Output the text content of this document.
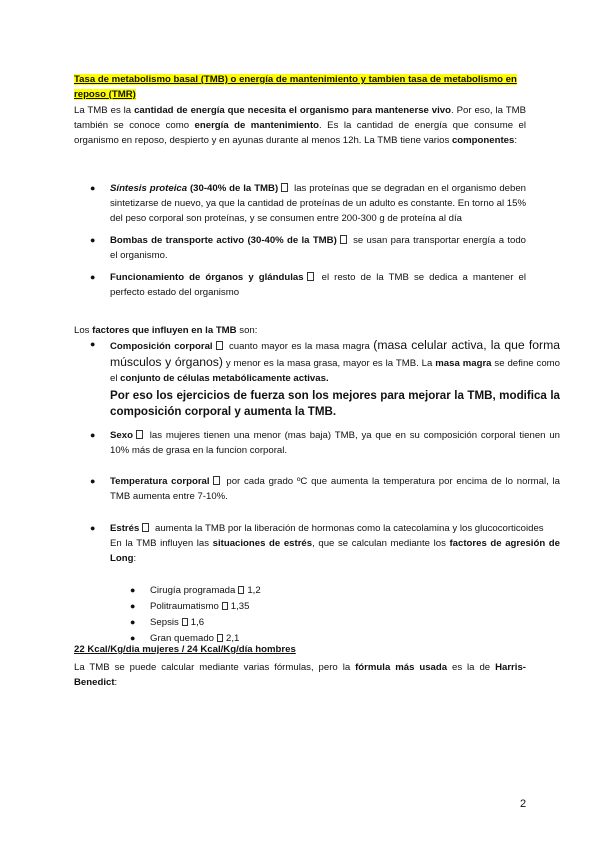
Tasa de metabolismo basal (TMB) o energía de mantenimiento y tambien tasa de metabolismo en reposo (TMR)
La TMB es la cantidad de energía que necesita el organismo para mantenerse vivo. Por eso, la TMB también se conoce como energía de mantenimiento. Es la cantidad de energía que consume el organismo en reposo, despierto y en ayunas durante al menos 12h. La TMB tiene varios componentes:
● Síntesis proteica (30-40% de la TMB) las proteínas que se degradan en el organismo deben sintetizarse de nuevo, ya que la cantidad de proteínas de un adulto es constante. En torno al 15% del peso corporal son proteínas, y se consumen entre 200-300 g de proteína al día
● Bombas de transporte activo (30-40% de la TMB) se usan para transportar energía a todo el organismo.
● Funcionamiento de órganos y glándulas el resto de la TMB se dedica a mantener el perfecto estado del organismo
Los factores que influyen en la TMB son:
● Composición corporal cuanto mayor es la masa magra (masa celular activa, la que forma músculos y órganos) y menor es la masa grasa, mayor es la TMB. La masa magra se define como el conjunto de células metabólicamente activas.
Por eso los ejercicios de fuerza son los mejores para mejorar la TMB, modifica la composición corporal y aumenta la TMB.
● Sexo las mujeres tienen una menor (mas baja) TMB, ya que en su composición corporal tienen un 10% más de grasa en la funcion corporal.
● Temperatura corporal por cada grado ºC que aumenta la temperatura por encima de lo normal, la TMB aumenta entre 7-10%.
● Estrés aumenta la TMB por la liberación de hormonas como la catecolamina y los glucocorticoides
En la TMB influyen las situaciones de estrés, que se calculan mediante los factores de agresión de Long:
● Cirugía programada 1,2
● Politraumatismo 1,35
● Sepsis 1,6
● Gran quemado 2,1
22 Kcal/Kg/dia mujeres / 24 Kcal/Kg/día hombres
La TMB se puede calcular mediante varias fórmulas, pero la fórmula más usada es la de Harris-Benedict:
2
